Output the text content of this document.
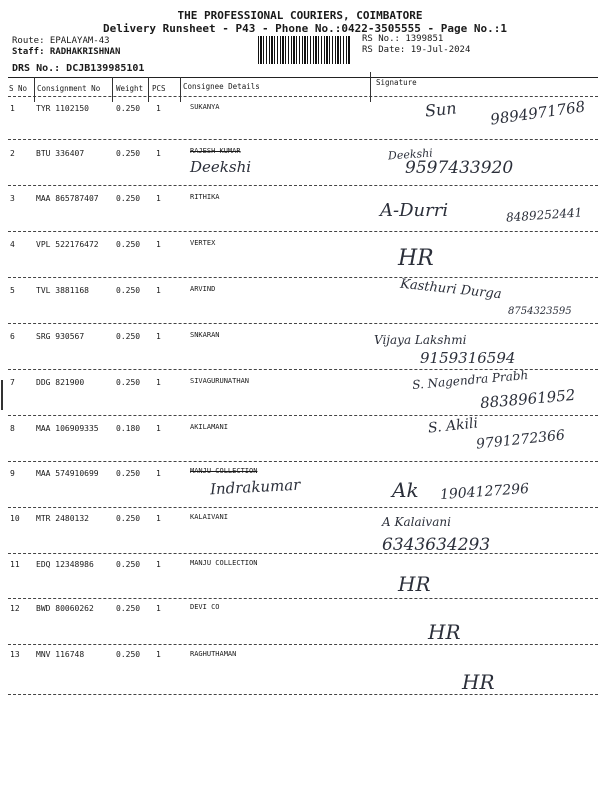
THE PROFESSIONAL COURIERS, COIMBATORE
Delivery Runsheet - P43 - Phone No.:0422-3505555 - Page No.:1
Route: EPALAYAM-43
Staff: RADHAKRISHNAN
RS No.: 1399851
RS Date: 19-Jul-2024
DRS No.: DCJB139985101
S No Consignment No Weight PCS Consignee Details	Signature
1	TYR 1102150	0.250 1	SUKANYA	Sun 9894971768
2	BTU 336407	0.250 1	RAJESH KUMAR
Deekshi
Deekshi
9597433920
3	MAA 865787407 0.250 1	RITHIKA
A-Durri	8489252441
4	VPL 522176472 0.250 1	VERTEX
HR
5	TVL 3881168	0.250 1	ARVIND	Kasthuri Durga
8754323595
6	SRG 930567	0.250 1	SNKARAN	Vijaya Lakshmi
9159316594
7	DDG 821900	0.250 1	SIVAGURUNATHAN	S. Nagendra Prabh
8838961952
8	MAA 106909335 0.180 1	AKILAMANI	S. Akili
9791272366
9	MAA 574910699 0.250 1	MANJU COLLECTION
Indrakumar	Ak 1904127296
10 MTR 2480132	0.250 1	KALAIVANI	A Kalaivani
6343634293
11 EDQ 12348986	0.250 1	MANJU COLLECTION
HR
12 BWD 80060262	0.250 1	DEVI CO
HR
13 MNV 116748	0.250 1	RAGHUTHAMAN
HR
